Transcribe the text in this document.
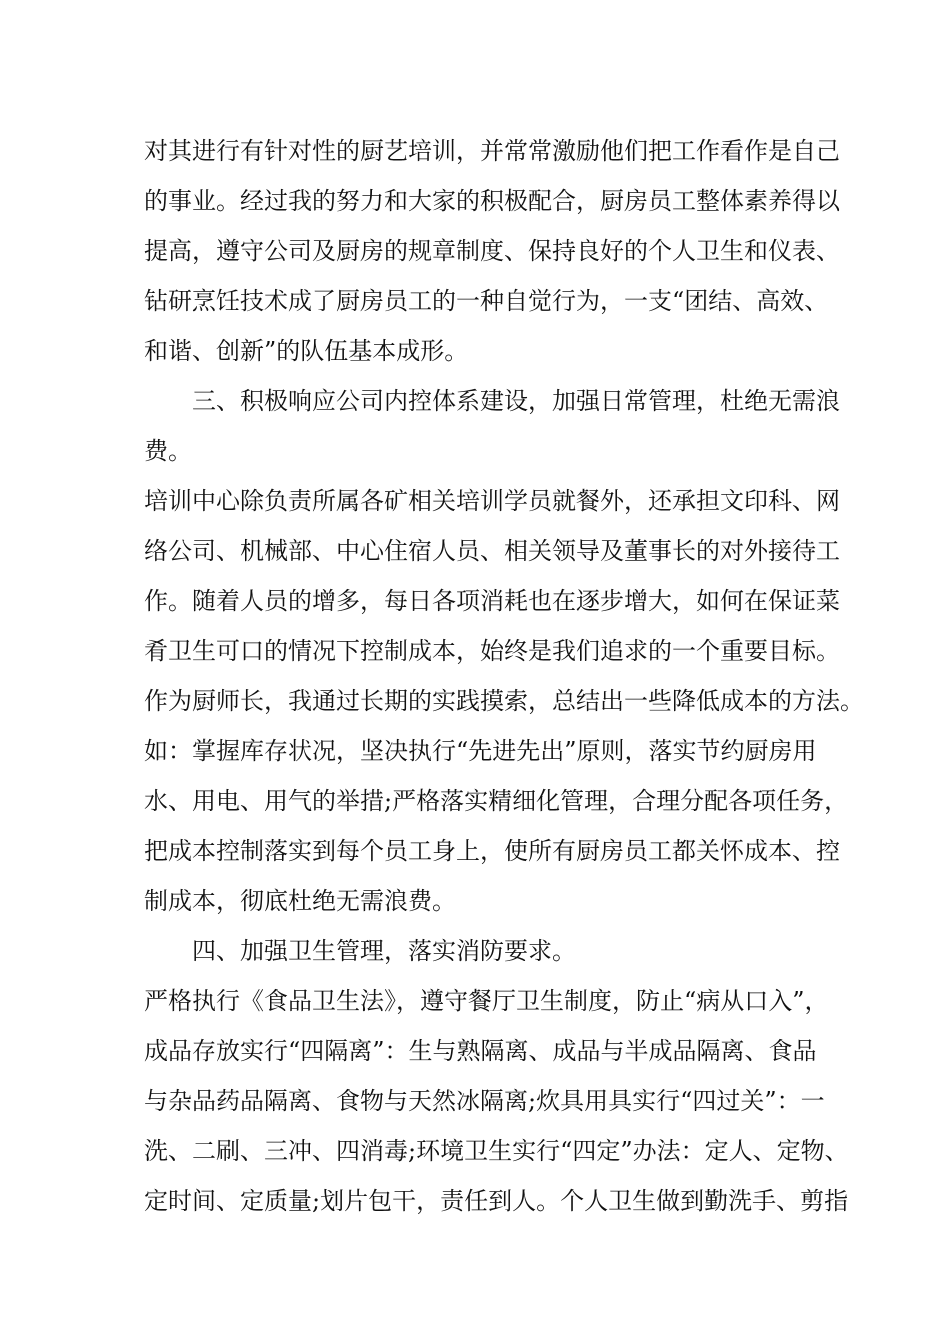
对其进行有针对性的厨艺培训，并常常激励他们把工作看作是自己
的事业。经过我的努力和大家的积极配合，厨房员工整体素养得以
提高，遵守公司及厨房的规章制度、保持良好的个人卫生和仪表、
钻研烹饪技术成了厨房员工的一种自觉行为，一支“团结、高效、
和谐、创新”的队伍基本成形。
三、积极响应公司内控体系建设，加强日常管理，杜绝无需浪
费。
培训中心除负责所属各矿相关培训学员就餐外，还承担文印科、网
络公司、机械部、中心住宿人员、相关领导及董事长的对外接待工
作。随着人员的增多，每日各项消耗也在逐步增大，如何在保证菜
肴卫生可口的情况下控制成本，始终是我们追求的一个重要目标。
作为厨师长，我通过长期的实践摸索，总结出一些降低成本的方法。
如：掌握库存状况，坚决执行“先进先出”原则，落实节约厨房用
水、用电、用气的举措;严格落实精细化管理，合理分配各项任务，
把成本控制落实到每个员工身上，使所有厨房员工都关怀成本、控
制成本，彻底杜绝无需浪费。
四、加强卫生管理，落实消防要求。
严格执行《食品卫生法》，遵守餐厅卫生制度，防止“病从口入”，
成品存放实行“四隔离”：生与熟隔离、成品与半成品隔离、食品
与杂品药品隔离、食物与天然冰隔离;炊具用具实行“四过关”：一
洗、二刷、三冲、四消毒;环境卫生实行“四定”办法：定人、定物、
定时间、定质量;划片包干，责任到人。个人卫生做到勤洗手、剪指
